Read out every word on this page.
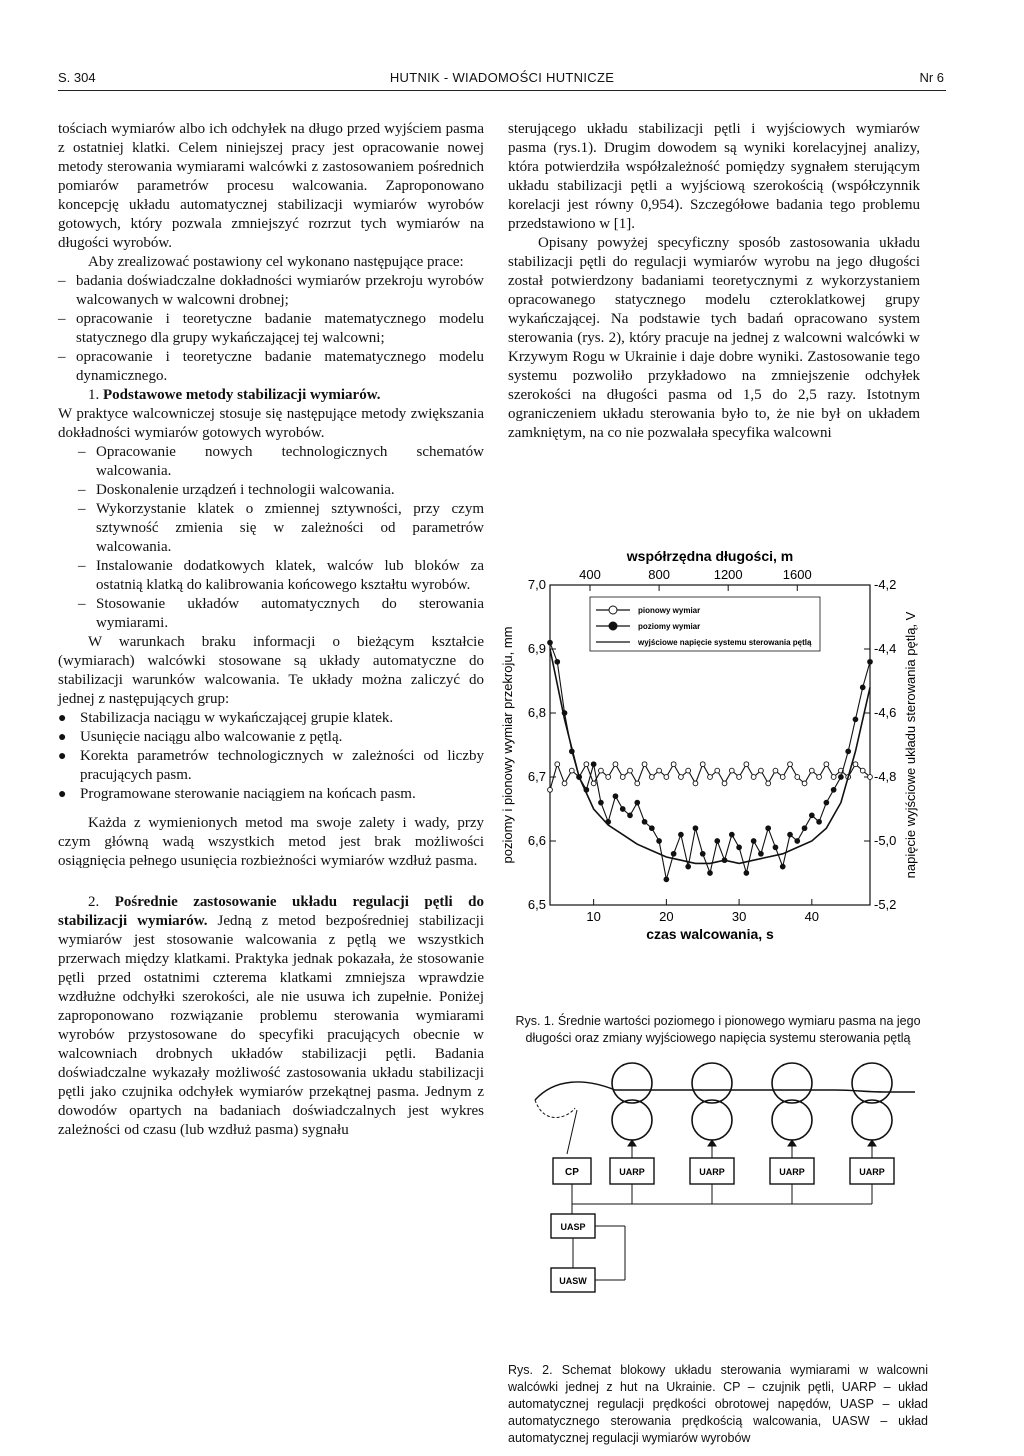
S. 304	HUTNIK - WIADOMOŚCI HUTNICZE	Nr 6

tościach wymiarów albo ich odchyłek na długo przed wyjściem pasma z ostatniej klatki. Celem niniejszej pracy jest opracowanie nowej metody sterowania wymiarami walcówki z zastosowaniem pośrednich pomiarów parametrów procesu walcowania. Zaproponowano koncepcję układu automatycznej stabilizacji wymiarów wyrobów gotowych, który pozwala zmniejszyć rozrzut tych wymiarów na długości wyrobów.

Aby zrealizować postawiony cel wykonano następujące prace:

– badania doświadczalne dokładności wymiarów przekroju wyrobów walcowanych w walcowni drobnej;
– opracowanie i teoretyczne badanie matematycznego modelu statycznego dla grupy wykańczającej tej walcowni;
– opracowanie i teoretyczne badanie matematycznego modelu dynamicznego.

1. Podstawowe metody stabilizacji wymiarów.

W praktyce walcowniczej stosuje się następujące metody zwiększania dokładności wymiarów gotowych wyrobów.

– Opracowanie nowych technologicznych schematów walcowania.
– Doskonalenie urządzeń i technologii walcowania.
– Wykorzystanie klatek o zmiennej sztywności, przy czym sztywność zmienia się w zależności od parametrów walcowania.
– Instalowanie dodatkowych klatek, walców lub bloków za ostatnią klatką do kalibrowania końcowego kształtu wyrobów.
– Stosowanie układów automatycznych do sterowania wymiarami.

W warunkach braku informacji o bieżącym kształcie (wymiarach) walcówki stosowane są układy automatyczne do stabilizacji warunków walcowania. Te układy można zaliczyć do jednej z następujących grup:

● Stabilizacja naciągu w wykańczającej grupie klatek.
● Usunięcie naciągu albo walcowanie z pętlą.
● Korekta parametrów technologicznych w zależności od liczby pracujących pasm.
● Programowane sterowanie naciągiem na końcach pasm.

Każda z wymienionych metod ma swoje zalety i wady, przy czym główną wadą wszystkich metod jest brak możliwości osiągnięcia pełnego usunięcia rozbieżności wymiarów wzdłuż pasma.

2. Pośrednie zastosowanie układu regulacji pętli do stabilizacji wymiarów. Jedną z metod bezpośredniej stabilizacji wymiarów jest stosowanie walcowania z pętlą we wszystkich przerwach między klatkami. Praktyka jednak pokazała, że stosowanie pętli przed ostatnimi czterema klatkami zmniejsza wprawdzie wzdłużne odchyłki szerokości, ale nie usuwa ich zupełnie. Poniżej zaproponowano rozwiązanie problemu sterowania wymiarami wyrobów przystosowane do specyfiki pracujących obecnie w walcowniach drobnych układów stabilizacji pętli. Badania doświadczalne wykazały możliwość zastosowania układu stabilizacji pętli jako czujnika odchyłek wymiarów przekątnej pasma. Jednym z dowodów opartych na badaniach doświadczalnych jest wykres zależności od czasu (lub wzdłuż pasma) sygnału

sterującego układu stabilizacji pętli i wyjściowych wymiarów pasma (rys.1). Drugim dowodem są wyniki korelacyjnej analizy, która potwierdziła współzależność pomiędzy sygnałem sterującym układu stabilizacji pętli a wyjściową szerokością (współczynnik korelacji jest równy 0,954). Szczegółowe badania tego problemu przedstawiono w [1].

Opisany powyżej specyficzny sposób zastosowania układu stabilizacji pętli do regulacji wymiarów wyrobu na jego długości został potwierdzony badaniami teoretycznymi z wykorzystaniem opracowanego statycznego modelu czteroklatkowej grupy wykańczającej. Na podstawie tych badań opracowano system sterowania (rys. 2), który pracuje na jednej z walcowni walcówki w Krzywym Rogu w Ukrainie i daje dobre wyniki. Zastosowanie tego systemu pozwoliło przykładowo na zmniejszenie odchyłek szerokości na długości pasma od 1,5 do 2,5 razy. Istotnym ograniczeniem układu sterowania było to, że nie był on układem zamkniętym, na co nie pozwalała specyfika walcowni

10	20	30	40
czas walcowania, s
400	800	1200	1600
współrzędna długości, m
6,5
6,6
6,7
6,8
6,9
7,0
poziomy i pionowy wymiar przekroju, mm
-4,2
-4,4
-4,6
-4,8
-5,0
-5,2
napięcie wyjściowe układu sterowania pętlą, V
pionowy wymiar
poziomy wymiar
wyjściowe napięcie systemu sterowania pętlą
Rys. 1. Średnie wartości poziomego i pionowego wymiaru pasma na jego długości oraz zmiany wyjściowego napięcia systemu sterowania pętlą
CP	UARP	UARP	UARP	UARP
UASP
UASW
Rys. 2. Schemat blokowy układu sterowania wymiarami w walcowni walcówki jednej z hut na Ukrainie. CP – czujnik pętli, UARP – układ automatycznej regulacji prędkości obrotowej napędów, UASP – układ automatycznego sterowania prędkością walcowania, UASW – układ automatycznej regulacji wymiarów wyrobów
